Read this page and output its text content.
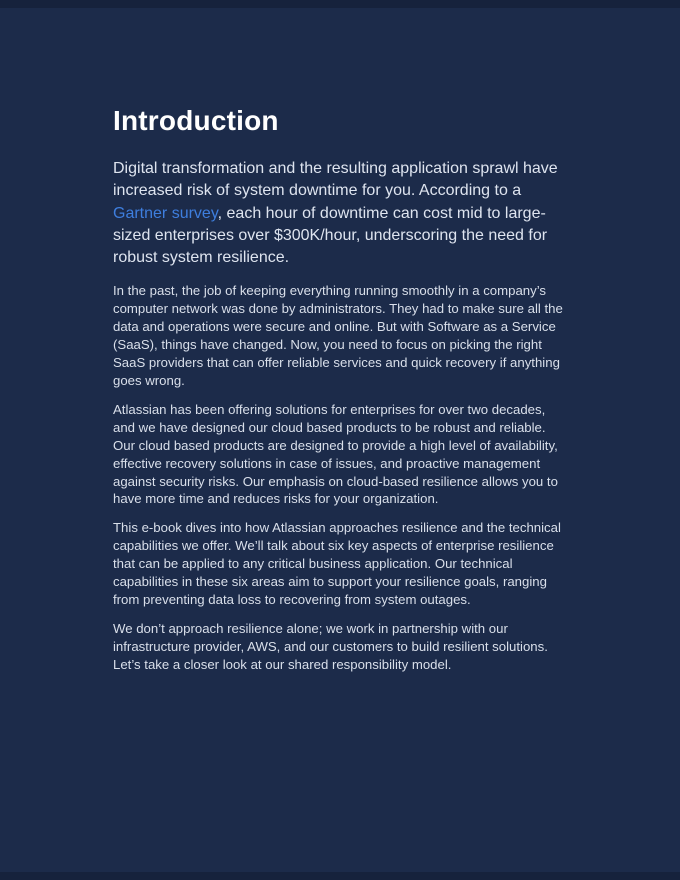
Introduction

Digital transformation and the resulting application sprawl have increased risk of system downtime for you. According to a Gartner survey, each hour of downtime can cost mid to large-sized enterprises over $300K/hour, underscoring the need for robust system resilience.

In the past, the job of keeping everything running smoothly in a company’s computer network was done by administrators. They had to make sure all the data and operations were secure and online. But with Software as a Service (SaaS), things have changed. Now, you need to focus on picking the right SaaS providers that can offer reliable services and quick recovery if anything goes wrong.

Atlassian has been offering solutions for enterprises for over two decades, and we have designed our cloud based products to be robust and reliable. Our cloud based products are designed to provide a high level of availability, effective recovery solutions in case of issues, and proactive management against security risks. Our emphasis on cloud-based resilience allows you to have more time and reduces risks for your organization.

This e-book dives into how Atlassian approaches resilience and the technical capabilities we offer. We’ll talk about six key aspects of enterprise resilience that can be applied to any critical business application. Our technical capabilities in these six areas aim to support your resilience goals, ranging from preventing data loss to recovering from system outages.

We don’t approach resilience alone; we work in partnership with our infrastructure provider, AWS, and our customers to build resilient solutions. Let’s take a closer look at our shared responsibility model.
